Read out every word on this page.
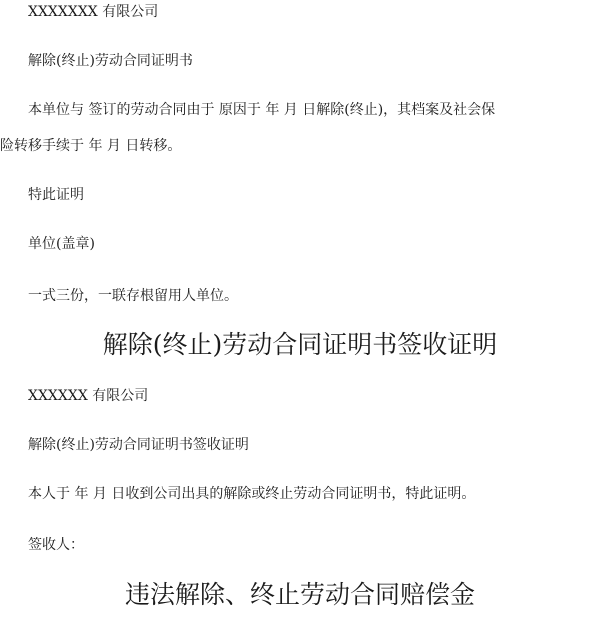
XXXXXXX 有限公司
解除(终止)劳动合同证明书
本单位与 签订的劳动合同由于 原因于 年 月 日解除(终止)，其档案及社会保
险转移手续于 年 月 日转移。
特此证明
单位(盖章)
一式三份，一联存根留用人单位。
解除(终止)劳动合同证明书签收证明
XXXXXX 有限公司
解除(终止)劳动合同证明书签收证明
本人于 年 月 日收到公司出具的解除或终止劳动合同证明书，特此证明。
签收人：
违法解除、终止劳动合同赔偿金
